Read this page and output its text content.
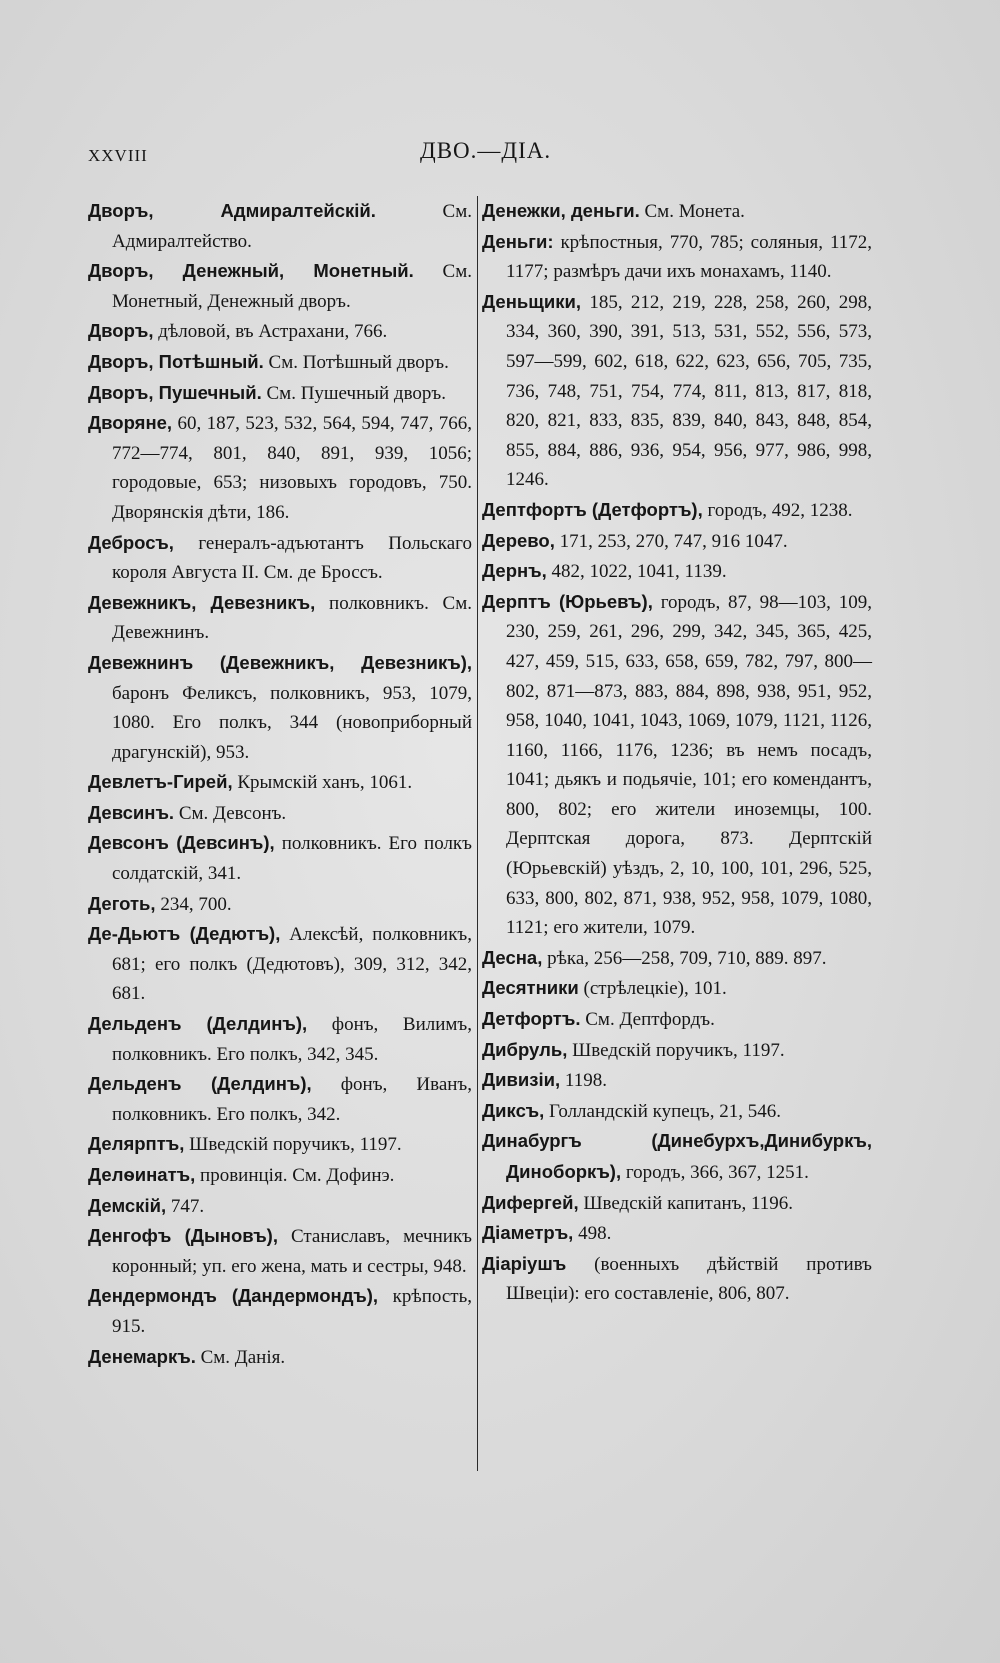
XXVIII	ДВО.—ДІА.

Дворъ, Адмиралтейскій. См. Адмиралтейство.

Дворъ, Денежный, Монетный. См. Монетный, Денежный дворъ.

Дворъ, дѣловой, въ Астрахани, 766.

Дворъ, Потѣшный. См. Потѣшный дворъ.

Дворъ, Пушечный. См. Пушечный дворъ.

Дворяне, 60, 187, 523, 532, 564, 594, 747, 766, 772—774, 801, 840, 891, 939, 1056; городовые, 653; низовыхъ городовъ, 750. Дворянскія дѣти, 186.

Дебросъ, генералъ-адъютантъ Польскаго короля Августа II. См. де Броссъ.

Девежникъ, Девезникъ, полковникъ. См. Девежнинъ.

Девежнинъ (Девежникъ, Девезникъ), баронъ Феликсъ, полковникъ, 953, 1079, 1080. Его полкъ, 344 (новоприборный драгунскій), 953.

Девлетъ-Гирей, Крымскій ханъ, 1061.

Девсинъ. См. Девсонъ.

Девсонъ (Девсинъ), полковникъ. Его полкъ солдатскій, 341.

Деготь, 234, 700.

Де-Дьютъ (Дедютъ), Алексѣй, полковникъ, 681; его полкъ (Дедютовъ), 309, 312, 342, 681.

Дельденъ (Делдинъ), фонъ, Вилимъ, полковникъ. Его полкъ, 342, 345.

Дельденъ (Делдинъ), фонъ, Иванъ, полковникъ. Его полкъ, 342.

Делярптъ, Шведскій поручикъ, 1197.

Делѳинатъ, провинція. См. Дофинэ.

Демскій, 747.

Денгофъ (Дыновъ), Станиславъ, мечникъ коронный; уп. его жена, мать и сестры, 948.

Дендермондъ (Дандермондъ), крѣпость, 915.

Денемаркъ. См. Данія.

Денежки, деньги. См. Монета.

Деньги: крѣпостныя, 770, 785; соляныя, 1172, 1177; размѣръ дачи ихъ монахамъ, 1140.

Деньщики, 185, 212, 219, 228, 258, 260, 298, 334, 360, 390, 391, 513, 531, 552, 556, 573, 597—599, 602, 618, 622, 623, 656, 705, 735, 736, 748, 751, 754, 774, 811, 813, 817, 818, 820, 821, 833, 835, 839, 840, 843, 848, 854, 855, 884, 886, 936, 954, 956, 977, 986, 998, 1246.

Дептфортъ (Детфортъ), городъ, 492, 1238.

Дерево, 171, 253, 270, 747, 916 1047.

Дернъ, 482, 1022, 1041, 1139.

Дерптъ (Юрьевъ), городъ, 87, 98—103, 109, 230, 259, 261, 296, 299, 342, 345, 365, 425, 427, 459, 515, 633, 658, 659, 782, 797, 800—802, 871—873, 883, 884, 898, 938, 951, 952, 958, 1040, 1041, 1043, 1069, 1079, 1121, 1126, 1160, 1166, 1176, 1236; въ немъ посадъ, 1041; дьякъ и подьячіе, 101; его комендантъ, 800, 802; его жители иноземцы, 100. Дерптская дорога, 873. Дерптскій (Юрьевскій) уѣздъ, 2, 10, 100, 101, 296, 525, 633, 800, 802, 871, 938, 952, 958, 1079, 1080, 1121; его жители, 1079.

Десна, рѣка, 256—258, 709, 710, 889. 897.

Десятники (стрѣлецкіе), 101.

Детфортъ. См. Дептфордъ.

Дибруль, Шведскій поручикъ, 1197.

Дивизіи, 1198.

Диксъ, Голландскій купецъ, 21, 546.

Динабургъ (Динебурхъ,Динибуркъ, Диноборкъ), городъ, 366, 367, 1251.

Дифергей, Шведскій капитанъ, 1196.

Діаметръ, 498.

Діаріушъ (военныхъ дѣйствій противъ Швеціи): его составленіе, 806, 807.
